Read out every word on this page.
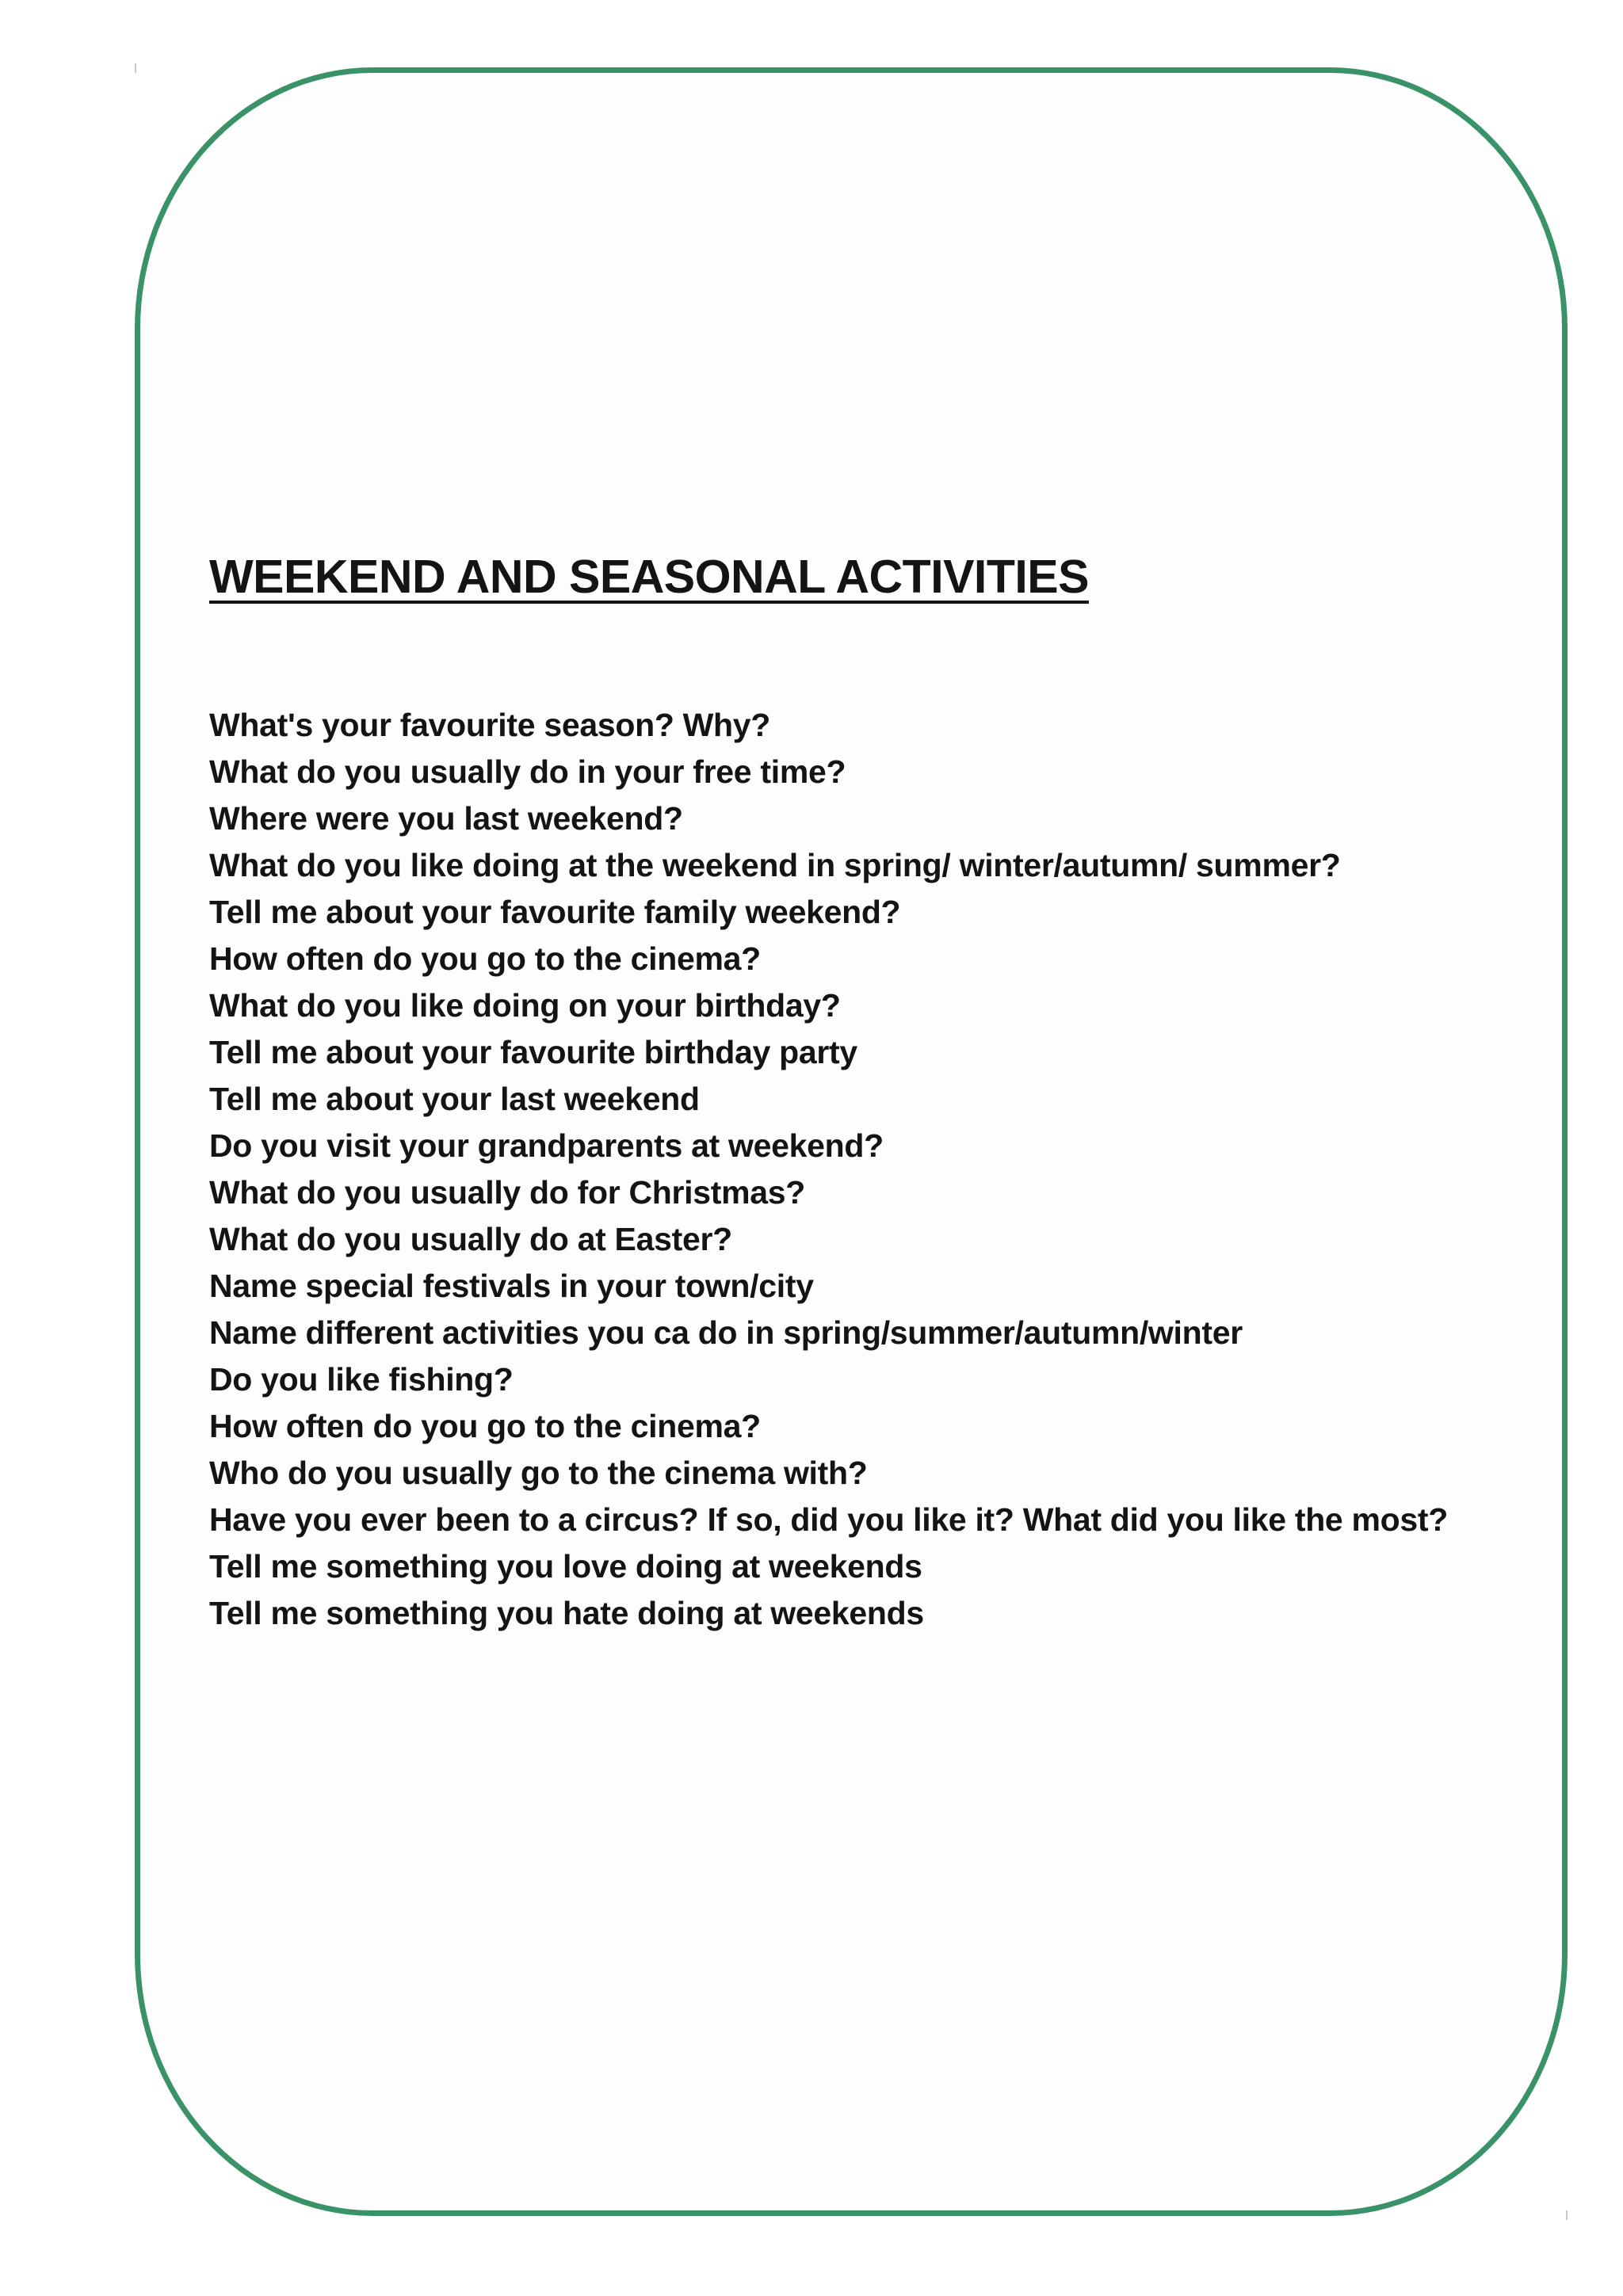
WEEKEND AND SEASONAL ACTIVITIES
What's your favourite season? Why?
What do you usually do in your free time?
Where were you last weekend?
What do you like doing at the weekend in spring/ winter/autumn/ summer?
Tell me about your favourite family weekend?
How often do you go to the cinema?
What do you like doing on your birthday?
Tell me about your favourite birthday party
Tell me about your last weekend
Do you visit your grandparents at weekend?
What do you usually do for Christmas?
What do you usually do at Easter?
Name special festivals in your town/city
Name different activities you ca do in spring/summer/autumn/winter
Do you like fishing?
How often do you go to the cinema?
Who do you usually go to the cinema with?
Have you ever been to a circus? If so, did you like it? What did you like the most?
Tell me something you love doing at weekends
Tell me something you hate doing at weekends
